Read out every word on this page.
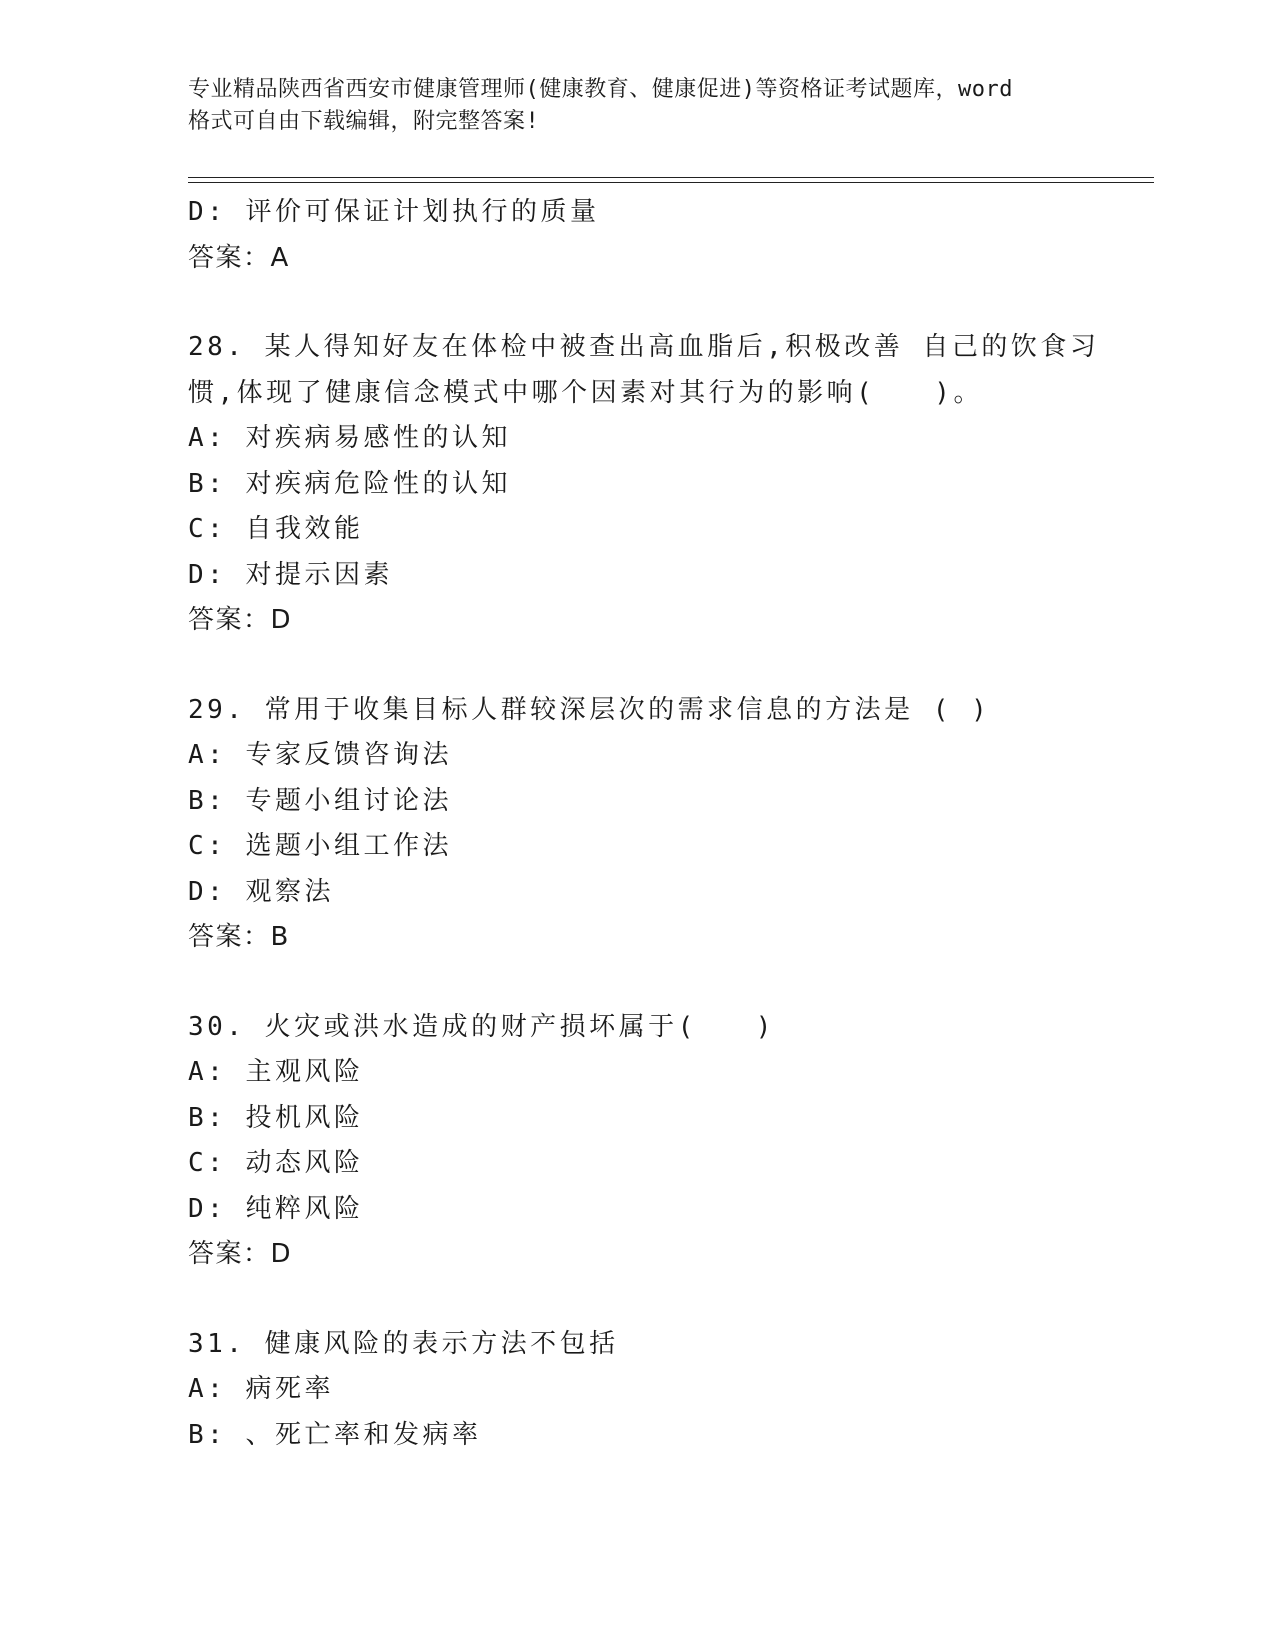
专业精品陕西省西安市健康管理师(健康教育、健康促进)等资格证考试题库，word
格式可自由下载编辑，附完整答案!
D: 评价可保证计划执行的质量
答案：A
28. 某人得知好友在体检中被查出高血脂后,积极改善 自己的饮食习
惯,体现了健康信念模式中哪个因素对其行为的影响(　　)。
A: 对疾病易感性的认知
B: 对疾病危险性的认知
C: 自我效能
D: 对提示因素
答案：D
29. 常用于收集目标人群较深层次的需求信息的方法是 ( )
A: 专家反馈咨询法
B: 专题小组讨论法
C: 选题小组工作法
D: 观察法
答案：B
30. 火灾或洪水造成的财产损坏属于(　　)
A: 主观风险
B: 投机风险
C: 动态风险
D: 纯粹风险
答案：D
31. 健康风险的表示方法不包括
A: 病死率
B: 、死亡率和发病率
